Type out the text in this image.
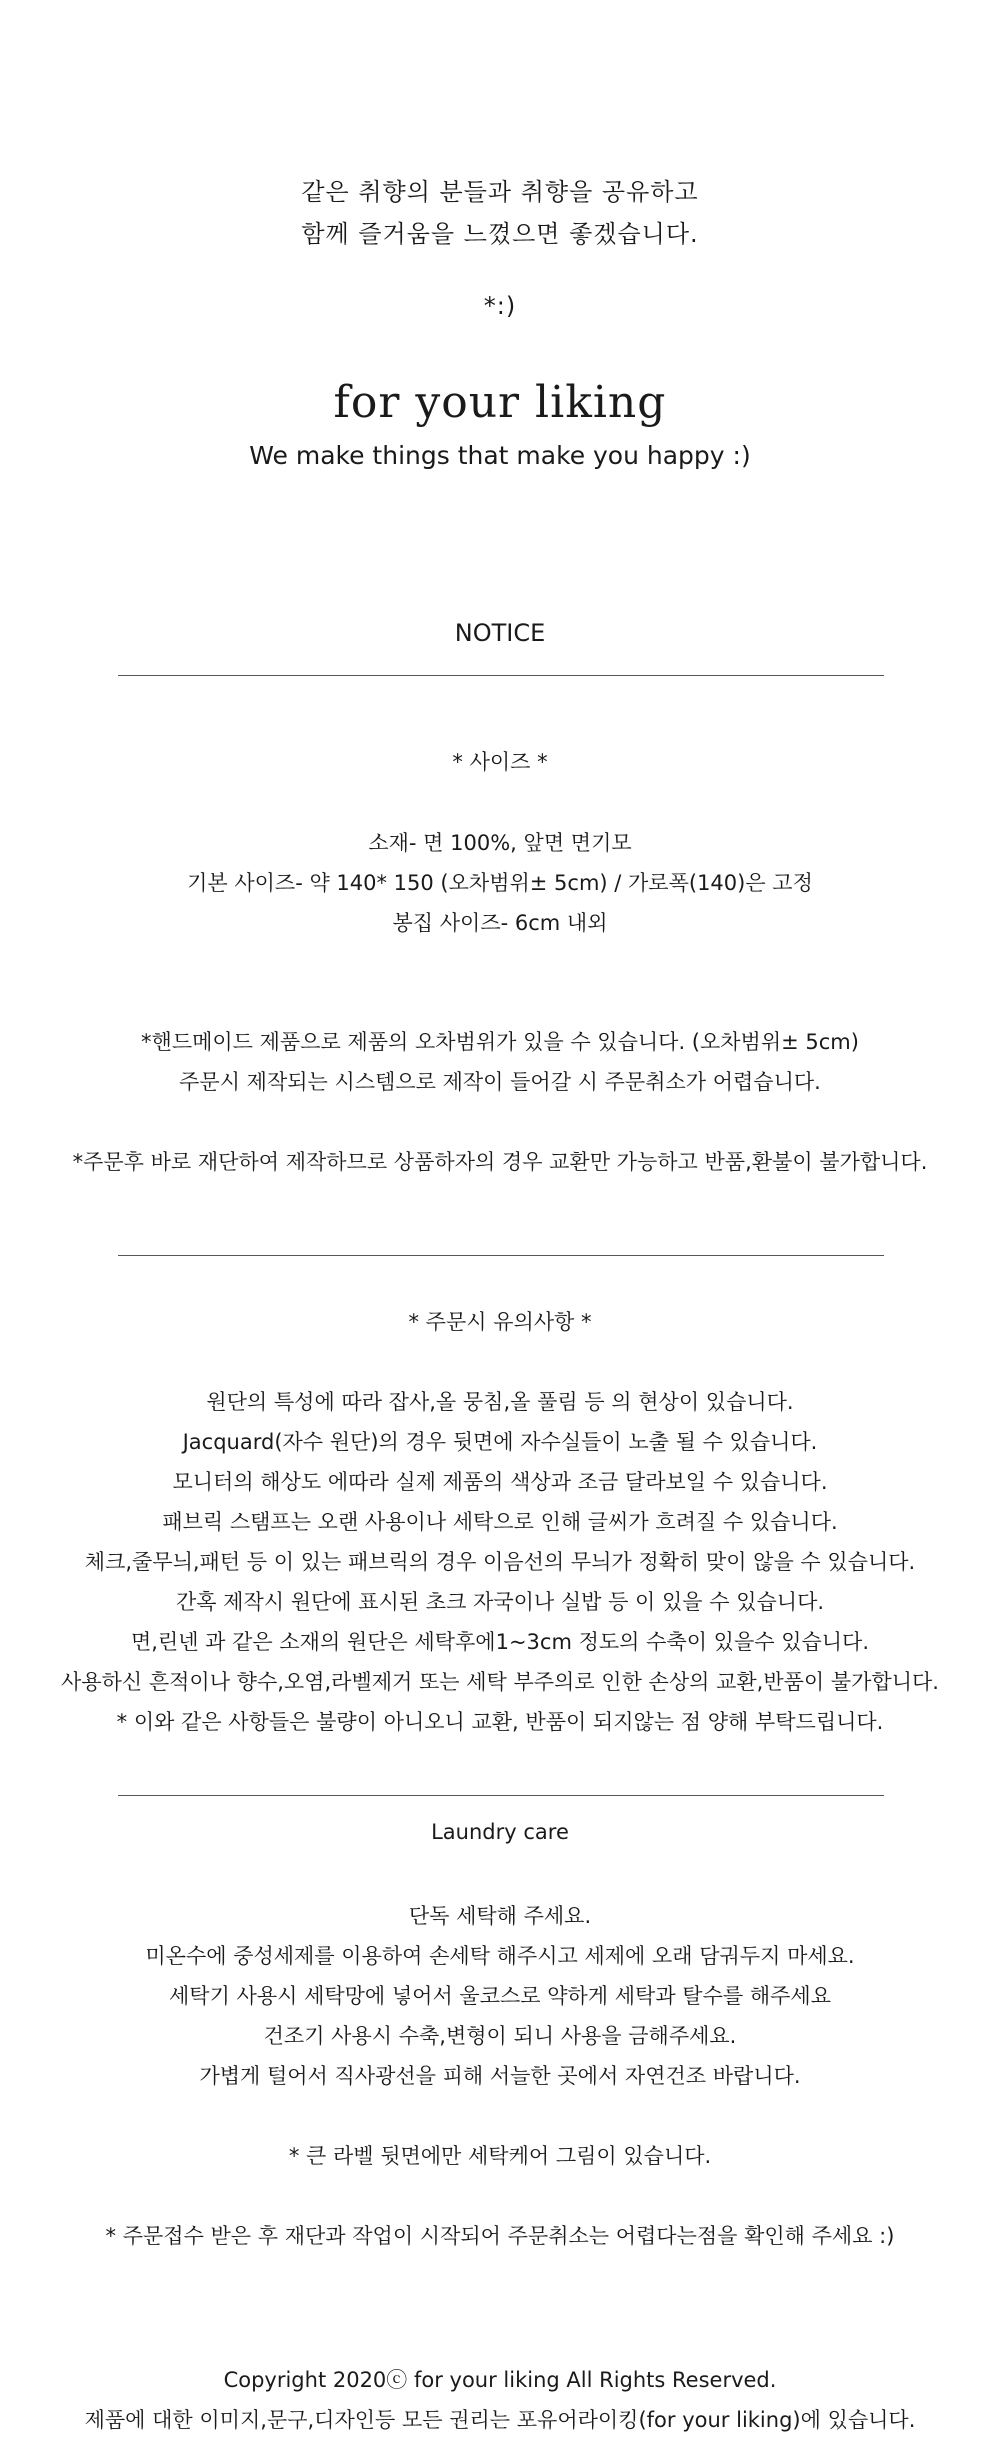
같은 취향의 분들과 취향을 공유하고
함께 즐거움을 느꼈으면 좋겠습니다.
*:)
for your liking
We make things that make you happy :)
NOTICE
* 사이즈 *
소재- 면 100%, 앞면 면기모
기본 사이즈- 약 140* 150 (오차범위± 5cm) / 가로폭(140)은 고정
봉집 사이즈- 6cm 내외
*핸드메이드 제품으로 제품의 오차범위가 있을 수 있습니다. (오차범위± 5cm)
주문시 제작되는 시스템으로 제작이 들어갈 시 주문취소가 어렵습니다.
*주문후 바로 재단하여 제작하므로 상품하자의 경우 교환만 가능하고 반품,환불이 불가합니다.
* 주문시 유의사항 *
원단의 특성에 따라 잡사,올 뭉침,올 풀림 등 의 현상이 있습니다.
Jacquard(자수 원단)의 경우 뒷면에 자수실들이 노출 될 수 있습니다.
모니터의 해상도 에따라 실제 제품의 색상과 조금 달라보일 수 있습니다.
패브릭 스탬프는 오랜 사용이나 세탁으로 인해 글씨가 흐려질 수 있습니다.
체크,줄무늬,패턴 등 이 있는 패브릭의 경우 이음선의 무늬가 정확히 맞이 않을 수 있습니다.
간혹 제작시 원단에 표시된 초크 자국이나 실밥 등 이 있을 수 있습니다.
면,린넨 과 같은 소재의 원단은 세탁후에1~3cm 정도의 수축이 있을수 있습니다.
사용하신 흔적이나 향수,오염,라벨제거 또는 세탁 부주의로 인한 손상의 교환,반품이 불가합니다.
* 이와 같은 사항들은 불량이 아니오니 교환, 반품이 되지않는 점 양해 부탁드립니다.
Laundry care
단독 세탁해 주세요.
미온수에 중성세제를 이용하여 손세탁 해주시고 세제에 오래 담궈두지 마세요.
세탁기 사용시 세탁망에 넣어서 울코스로 약하게 세탁과 탈수를 해주세요
건조기 사용시 수축,변형이 되니 사용을 금해주세요.
가볍게 털어서 직사광선을 피해 서늘한 곳에서 자연건조 바랍니다.
* 큰 라벨 뒷면에만 세탁케어 그림이 있습니다.
* 주문접수 받은 후 재단과 작업이 시작되어 주문취소는 어렵다는점을 확인해 주세요 :)
Copyright 2020ⓒ for your liking All Rights Reserved.
제품에 대한 이미지,문구,디자인등 모든 권리는 포유어라이킹(for your liking)에 있습니다.
